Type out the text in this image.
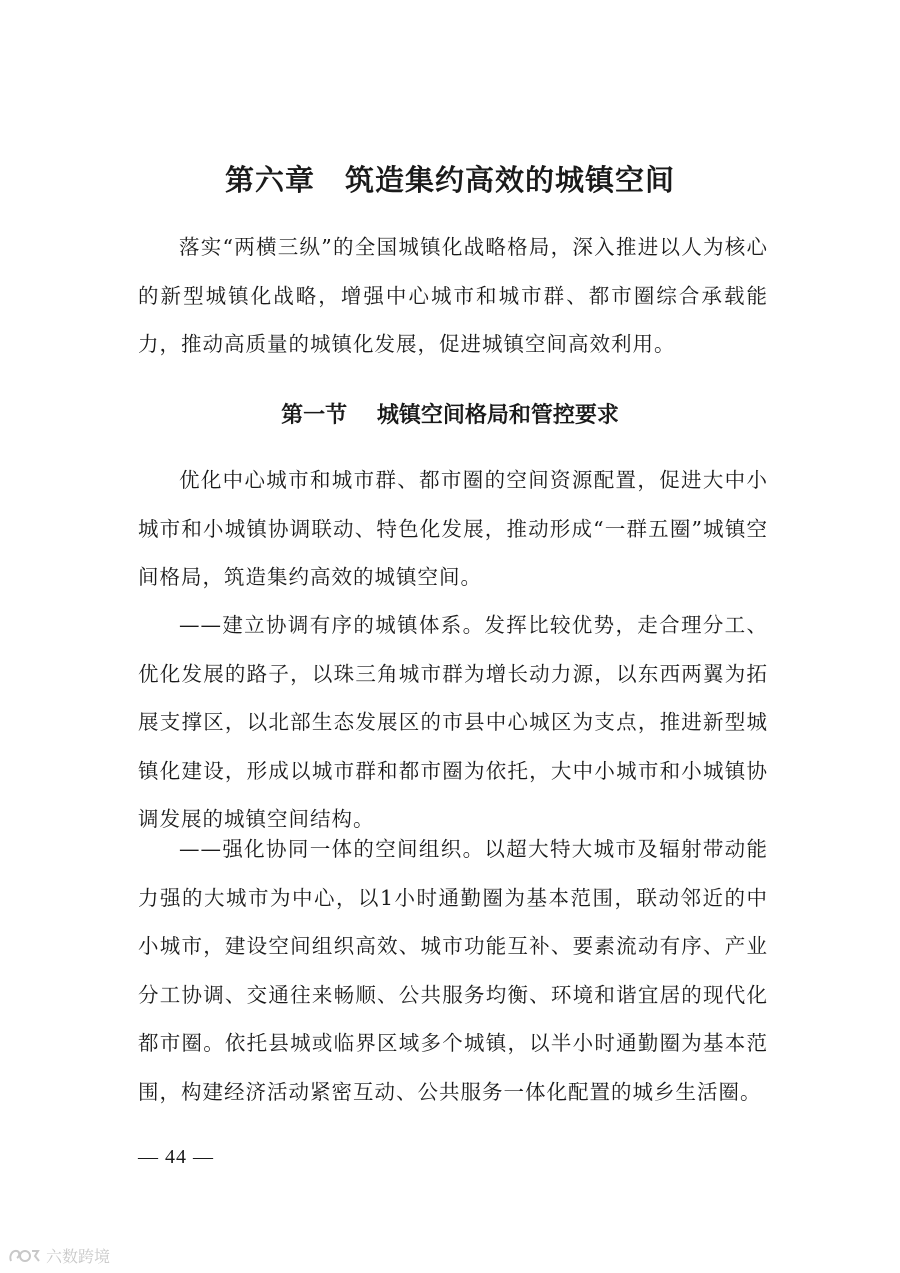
第六章　筑造集约高效的城镇空间

落实“两横三纵”的全国城镇化战略格局，深入推进以人为核心的新型城镇化战略，增强中心城市和城市群、都市圈综合承载能力，推动高质量的城镇化发展，促进城镇空间高效利用。

第一节　 城镇空间格局和管控要求

优化中心城市和城市群、都市圈的空间资源配置，促进大中小城市和小城镇协调联动、特色化发展，推动形成“一群五圈”城镇空间格局，筑造集约高效的城镇空间。

——建立协调有序的城镇体系。发挥比较优势，走合理分工、优化发展的路子，以珠三角城市群为增长动力源，以东西两翼为拓展支撑区，以北部生态发展区的市县中心城区为支点，推进新型城镇化建设，形成以城市群和都市圈为依托，大中小城市和小城镇协调发展的城镇空间结构。

——强化协同一体的空间组织。以超大特大城市及辐射带动能力强的大城市为中心，以1小时通勤圈为基本范围，联动邻近的中小城市，建设空间组织高效、城市功能互补、要素流动有序、产业分工协调、交通往来畅顺、公共服务均衡、环境和谐宜居的现代化都市圈。依托县城或临界区域多个城镇，以半小时通勤圈为基本范围，构建经济活动紧密互动、公共服务一体化配置的城乡生活圈。

— 44 —
六数跨境
